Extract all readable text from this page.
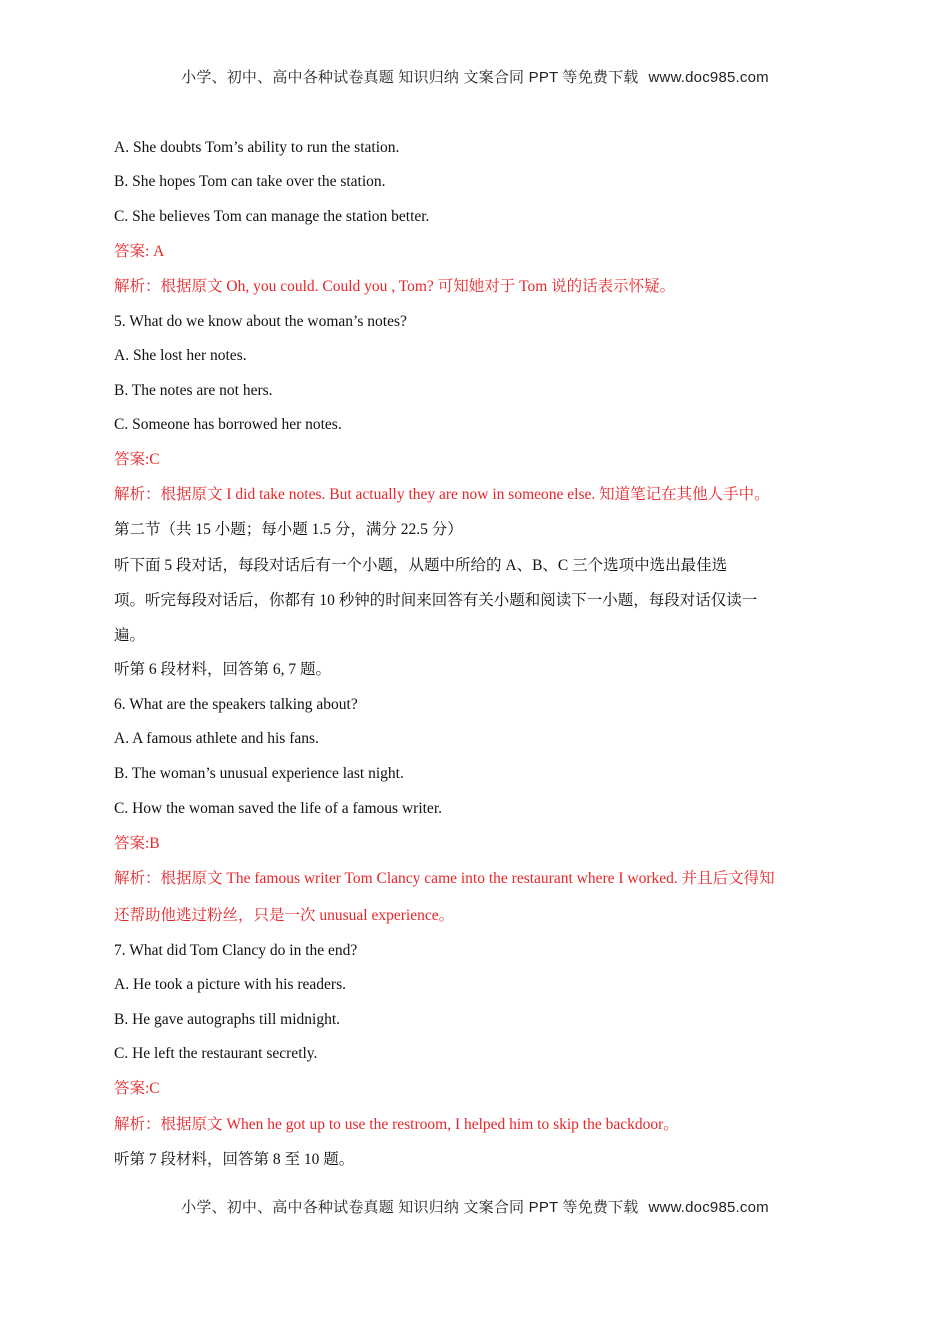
小学、初中、高中各种试卷真题 知识归纳 文案合同 PPT 等免费下载 www.doc985.com
A. She doubts Tom’s ability to run the station.
B. She hopes Tom can take over the station.
C. She believes Tom can manage the station better.
答案: A
解析：根据原文 Oh, you could. Could you , Tom? 可知她对于 Tom 说的话表示怀疑。
5. What do we know about the woman’s notes?
A. She lost her notes.
B. The notes are not hers.
C. Someone has borrowed her notes.
答案:C
解析：根据原文 I did take notes. But actually they are now in someone else. 知道笔记在其他人手中。
第二节（共 15 小题；每小题 1.5 分，满分 22.5 分）
听下面 5 段对话，每段对话后有一个小题，从题中所给的 A、B、C 三个选项中选出最佳选
项。听完每段对话后，你都有 10 秒钟的时间来回答有关小题和阅读下一小题，每段对话仅读一
遍。
听第 6 段材料，回答第 6, 7 题。
6. What are the speakers talking about?
A. A famous athlete and his fans.
B. The woman’s unusual experience last night.
C. How the woman saved the life of a famous writer.
答案:B
解析：根据原文 The famous writer Tom Clancy came into the restaurant where I worked. 并且后文得知
还帮助他逃过粉丝，只是一次 unusual experience。
7. What did Tom Clancy do in the end?
A. He took a picture with his readers.
B. He gave autographs till midnight.
C. He left the restaurant secretly.
答案:C
解析：根据原文 When he got up to use the restroom, I helped him to skip the backdoor。
听第 7 段材料，回答第 8 至 10 题。
小学、初中、高中各种试卷真题 知识归纳 文案合同 PPT 等免费下载 www.doc985.com
